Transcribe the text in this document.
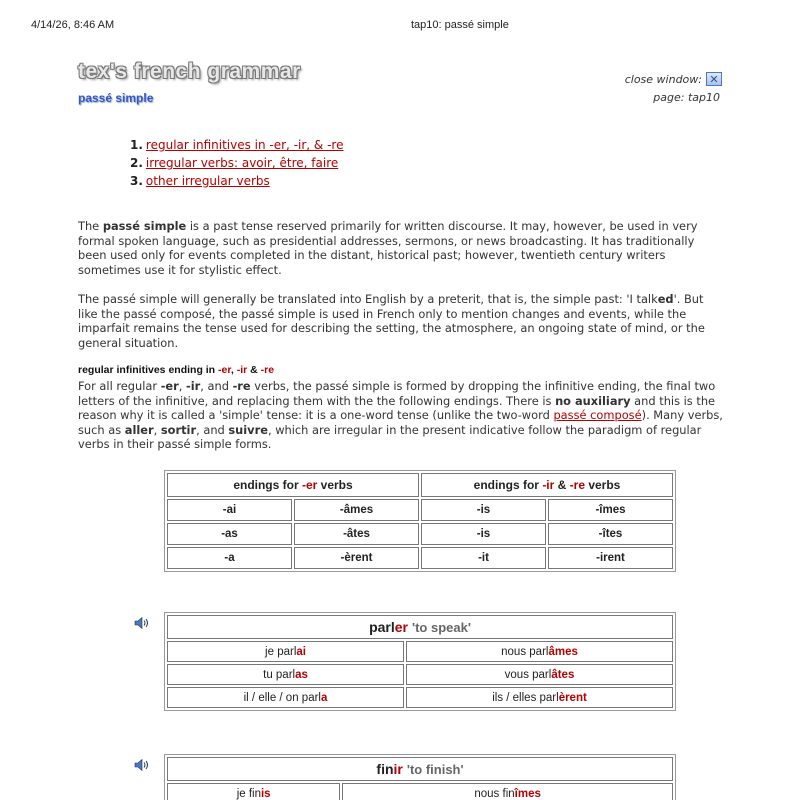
4/14/26, 8:46 AM	tap10: passé simple
tex's french grammar
passé simple
close window: ✕
page: tap10
1. regular infinitives in -er, -ir, & -re
2. irregular verbs: avoir, être, faire
3. other irregular verbs

The passé simple is a past tense reserved primarily for written discourse. It may, however, be used in very formal spoken language, such as presidential addresses, sermons, or news broadcasting. It has traditionally been used only for events completed in the distant, historical past; however, twentieth century writers sometimes use it for stylistic effect.

The passé simple will generally be translated into English by a preterit, that is, the simple past: 'I talked'. But like the passé composé, the passé simple is used in French only to mention changes and events, while the imparfait remains the tense used for describing the setting, the atmosphere, an ongoing state of mind, or the general situation.

regular infinitives ending in -er, -ir & -re

For all regular -er, -ir, and -re verbs, the passé simple is formed by dropping the infinitive ending, the final two letters of the infinitive, and replacing them with the the following endings. There is no auxiliary and this is the reason why it is called a 'simple' tense: it is a one-word tense (unlike the two-word passé composé). Many verbs, such as aller, sortir, and suivre, which are irregular in the present indicative follow the paradigm of regular verbs in their passé simple forms.

endings for -er verbs		endings for -ir & -re verbs	
-ai	-âmes	-is	-îmes
-as	-âtes	-is	-îtes
-a	-èrent	-it	-irent
parler 'to speak'	
je parlai	nous parlâmes
tu parlas	vous parlâtes
il / elle / on parla	ils / elles parlèrent
finir 'to finish'
je finis	nous finîmes
